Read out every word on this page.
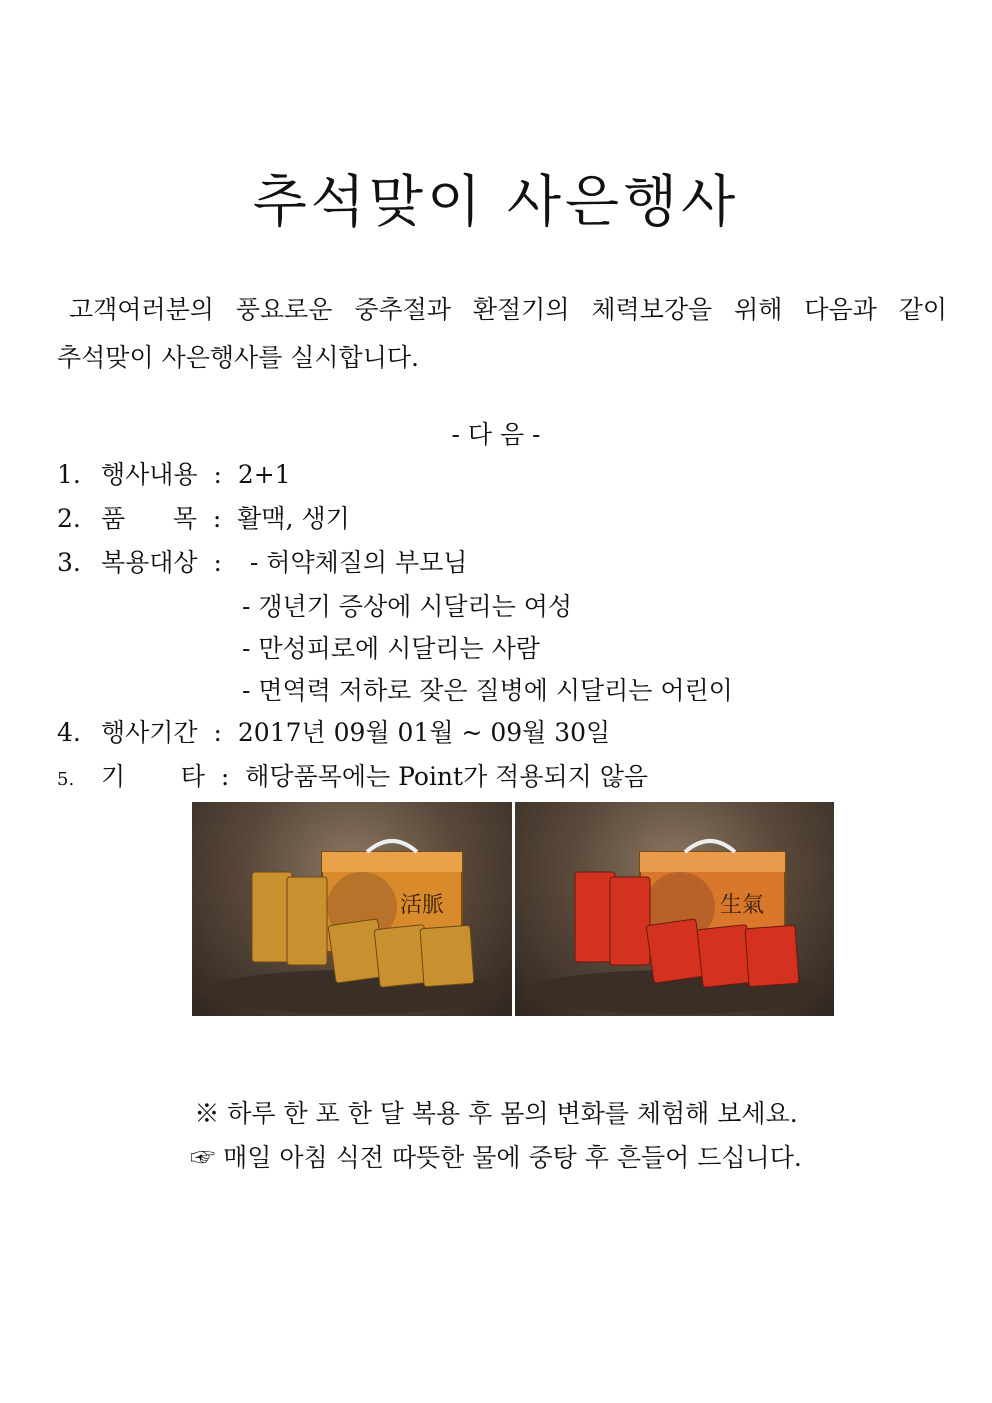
추석맞이 사은행사
고객여러분의 풍요로운 중추절과 환절기의 체력보강을 위해 다음과 같이
추석맞이 사은행사를 실시합니다.
- 다 음 -
1. 행사내용 : 2+1
2. 품      목 : 활맥, 생기
3. 복용대상 : - 허약체질의 부모님
- 갱년기 증상에 시달리는 여성
- 만성피로에 시달리는 사람
- 면역력 저하로 잦은 질병에 시달리는 어린이
4. 행사기간 : 2017년 09월 01월 ~ 09월 30일
5. 기       타 : 해당품목에는 Point가 적용되지 않음
活脈	生氣
※ 하루 한 포 한 달 복용 후 몸의 변화를 체험해 보세요.
☞ 매일 아침 식전 따뜻한 물에 중탕 후 흔들어 드십니다.
